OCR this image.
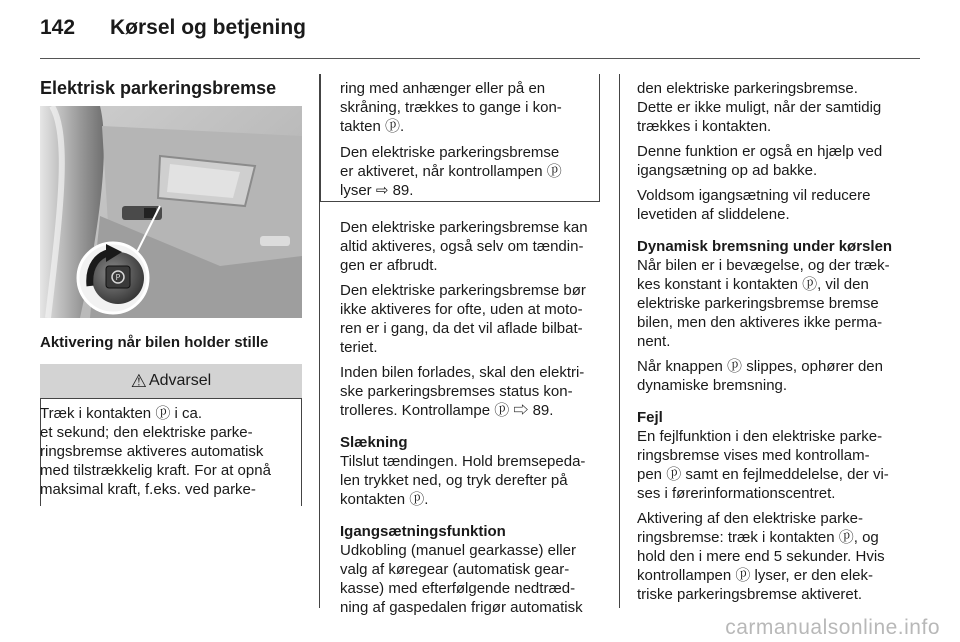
142 Kørsel og betjening
Elektrisk parkeringsbremse
P
Aktivering når bilen holder stille
⚠ Advarsel
Træk i kontakten ⓟ i ca.
et sekund; den elektriske parke-
ringsbremse aktiveres automatisk
med tilstrækkelig kraft. For at opnå
maksimal kraft, f.eks. ved parke-
ring med anhænger eller på en
skråning, trækkes to gange i kon-
takten ⓟ.
Den elektriske parkeringsbremse
er aktiveret, når kontrollampen ⓟ
lyser ⇨ 89.
Den elektriske parkeringsbremse kan
altid aktiveres, også selv om tændin-
gen er afbrudt.
Den elektriske parkeringsbremse bør
ikke aktiveres for ofte, uden at moto-
ren er i gang, da det vil aflade bilbat-
teriet.
Inden bilen forlades, skal den elektri-
ske parkeringsbremses status kon-
trolleres. Kontrollampe ⓟ ⇨ 89.
Slækning
Tilslut tændingen. Hold bremsepeda-
len trykket ned, og tryk derefter på
kontakten ⓟ.
Igangsætningsfunktion
Udkobling (manuel gearkasse) eller
valg af køregear (automatisk gear-
kasse) med efterfølgende nedtræd-
ning af gaspedalen frigør automatisk
den elektriske parkeringsbremse.
Dette er ikke muligt, når der samtidig
trækkes i kontakten.
Denne funktion er også en hjælp ved
igangsætning op ad bakke.
Voldsom igangsætning vil reducere
levetiden af sliddelene.
Dynamisk bremsning under kørslen
Når bilen er i bevægelse, og der træk-
kes konstant i kontakten ⓟ, vil den
elektriske parkeringsbremse bremse
bilen, men den aktiveres ikke perma-
nent.
Når knappen ⓟ slippes, ophører den
dynamiske bremsning.
Fejl
En fejlfunktion i den elektriske parke-
ringsbremse vises med kontrollam-
pen ⓟ samt en fejlmeddelelse, der vi-
ses i førerinformationscentret.
Aktivering af den elektriske parke-
ringsbremse: træk i kontakten ⓟ, og
hold den i mere end 5 sekunder. Hvis
kontrollampen ⓟ lyser, er den elek-
triske parkeringsbremse aktiveret.
carmanualsonline.info
